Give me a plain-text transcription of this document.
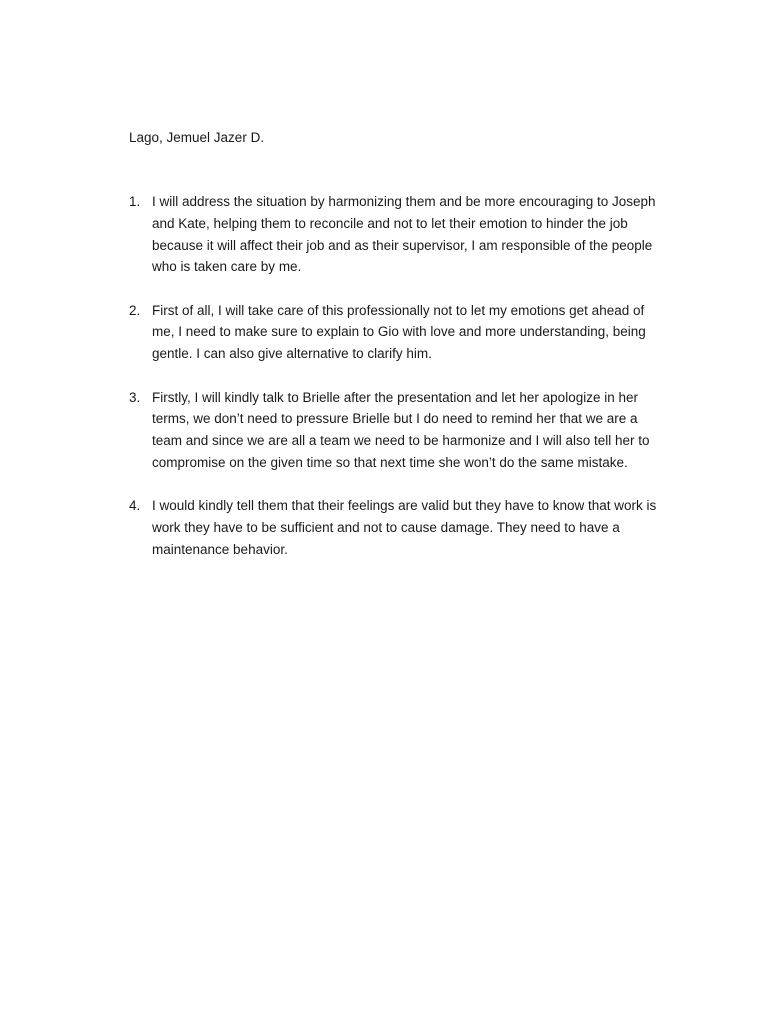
Lago, Jemuel Jazer D.

1. I will address the situation by harmonizing them and be more encouraging to Joseph and Kate, helping them to reconcile and not to let their emotion to hinder the job because it will affect their job and as their supervisor, I am responsible of the people who is taken care by me.
2. First of all, I will take care of this professionally not to let my emotions get ahead of me, I need to make sure to explain to Gio with love and more understanding, being gentle. I can also give alternative to clarify him.
3. Firstly, I will kindly talk to Brielle after the presentation and let her apologize in her terms, we don’t need to pressure Brielle but I do need to remind her that we are a team and since we are all a team we need to be harmonize and I will also tell her to compromise on the given time so that next time she won’t do the same mistake.
4. I would kindly tell them that their feelings are valid but they have to know that work is work they have to be sufficient and not to cause damage. They need to have a maintenance behavior.
